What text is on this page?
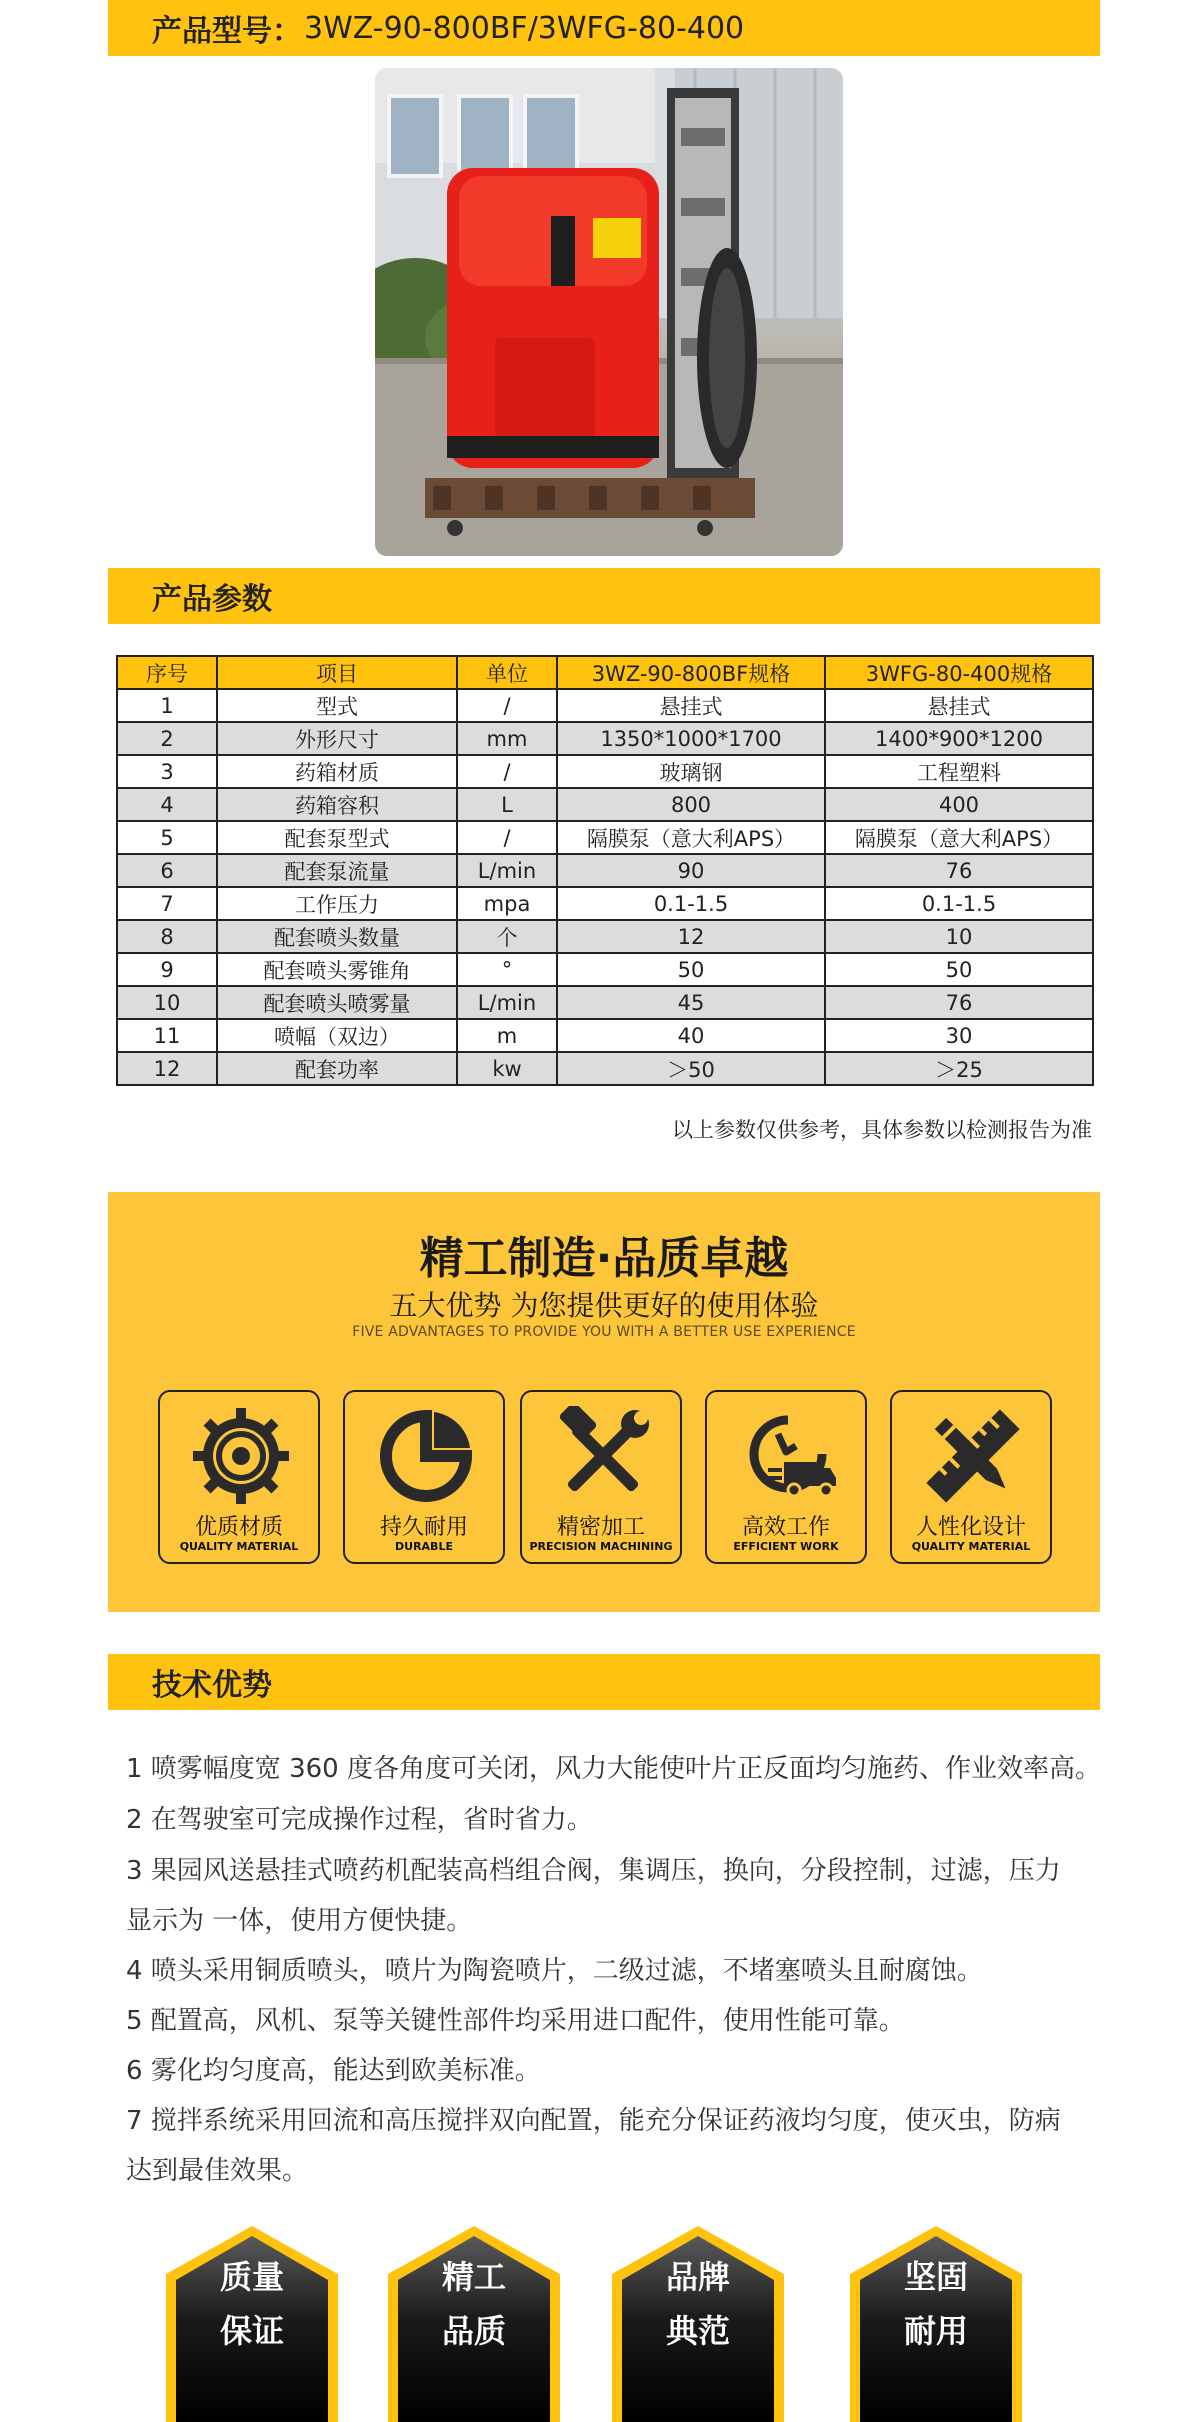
产品型号： 3WZ-90-800BF/3WFG-80-400
产品参数
序号	项目	单位	3WZ-90-800BF规格	3WFG-80-400规格
1	型式	/	悬挂式	悬挂式
2	外形尺寸	mm	1350*1000*1700	1400*900*1200
3	药箱材质	/	玻璃钢	工程塑料
4	药箱容积	L	800	400
5	配套泵型式	/	隔膜泵（意大利APS）	隔膜泵（意大利APS）
6	配套泵流量	L/min	90	76
7	工作压力	mpa	0.1-1.5	0.1-1.5
8	配套喷头数量	个	12	10
9	配套喷头雾锥角	°	50	50
10	配套喷头喷雾量	L/min	45	76
11	喷幅（双边）	m	40	30
12	配套功率	kw	＞50	＞25
以上参数仅供参考，具体参数以检测报告为准
精工制造·品质卓越
五大优势 为您提供更好的使用体验
FIVE ADVANTAGES TO PROVIDE YOU WITH A BETTER USE EXPERIENCE
优质材质
QUALITY MATERIAL
持久耐用
DURABLE
精密加工
PRECISION MACHINING
高效工作
EFFICIENT WORK
人性化设计
QUALITY MATERIAL
技术优势
1 喷雾幅度宽 360 度各角度可关闭，风力大能使叶片正反面均匀施药、作业效率高。
2 在驾驶室可完成操作过程，省时省力。
3 果园风送悬挂式喷药机配装高档组合阀，集调压，换向，分段控制，过滤，压力
显示为 一体，使用方便快捷。
4 喷头采用铜质喷头，喷片为陶瓷喷片，二级过滤，不堵塞喷头且耐腐蚀。
5 配置高，风机、泵等关键性部件均采用进口配件，使用性能可靠。
6 雾化均匀度高，能达到欧美标准。
7 搅拌系统采用回流和高压搅拌双向配置，能充分保证药液均匀度，使灭虫，防病
达到最佳效果。
质量
保证
精工
品质
品牌
典范
坚固
耐用
